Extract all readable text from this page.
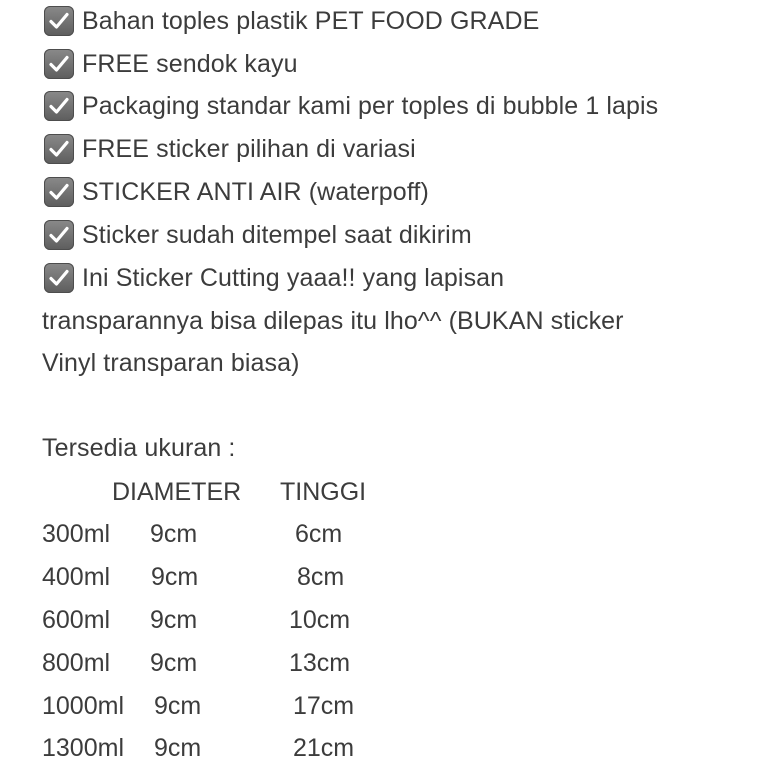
Bahan toples plastik PET FOOD GRADE
FREE sendok kayu
Packaging standar kami per toples di bubble 1 lapis
FREE sticker pilihan di variasi
STICKER ANTI AIR (waterpoff)
Sticker sudah ditempel saat dikirim
Ini Sticker Cutting yaaa!! yang lapisan
transparannya bisa dilepas itu lho^^ (BUKAN sticker
Vinyl transparan biasa)
Tersedia ukuran :
DIAMETER TINGGI
300ml 9cm	6cm
400ml 9cm	8cm
600ml 9cm	10cm
800ml 9cm	13cm
1000ml 9cm	17cm
1300ml 9cm	21cm
